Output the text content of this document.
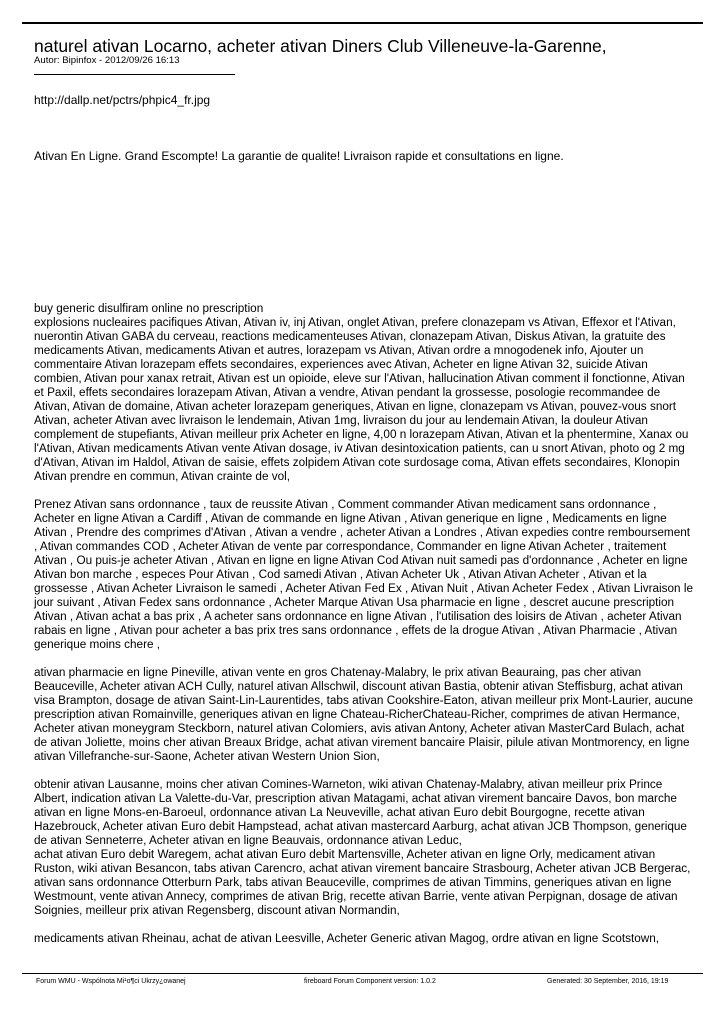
naturel ativan Locarno, acheter ativan Diners Club Villeneuve-la-Garenne,
Autor: Bipinfox - 2012/09/26 16:13
http://dallp.net/pctrs/phpic4_fr.jpg
Ativan En Ligne. Grand Escompte! La garantie de qualite! Livraison rapide et consultations en ligne.

buy generic disulfiram online no prescription

explosions nucleaires pacifiques Ativan, Ativan iv, inj Ativan, onglet Ativan, prefere clonazepam vs Ativan, Effexor et l'Ativan, nuerontin Ativan GABA du cerveau, reactions medicamenteuses Ativan, clonazepam Ativan, Diskus Ativan, la gratuite des medicaments Ativan, medicaments Ativan et autres, lorazepam vs Ativan, Ativan ordre a mnogodenek info, Ajouter un commentaire Ativan lorazepam effets secondaires, experiences avec Ativan, Acheter en ligne Ativan 32, suicide Ativan combien, Ativan pour xanax retrait, Ativan est un opioide, eleve sur l'Ativan, hallucination Ativan comment il fonctionne, Ativan et Paxil, effets secondaires lorazepam Ativan, Ativan a vendre, Ativan pendant la grossesse, posologie recommandee de Ativan, Ativan de domaine, Ativan acheter lorazepam generiques, Ativan en ligne, clonazepam vs Ativan, pouvez-vous snort Ativan, acheter Ativan avec livraison le lendemain, Ativan 1mg, livraison du jour au lendemain Ativan, la douleur Ativan complement de stupefiants, Ativan meilleur prix Acheter en ligne, 4,00 n lorazepam Ativan, Ativan et la phentermine, Xanax ou l'Ativan, Ativan medicaments Ativan vente Ativan dosage, iv Ativan desintoxication patients, can u snort Ativan, photo og 2 mg d'Ativan, Ativan im Haldol, Ativan de saisie, effets zolpidem Ativan cote surdosage coma, Ativan effets secondaires, Klonopin Ativan prendre en commun, Ativan crainte de vol,

Prenez Ativan sans ordonnance , taux de reussite Ativan , Comment commander Ativan medicament sans ordonnance , Acheter en ligne Ativan a Cardiff , Ativan de commande en ligne Ativan , Ativan generique en ligne , Medicaments en ligne Ativan , Prendre des comprimes d'Ativan , Ativan a vendre , acheter Ativan a Londres , Ativan expedies contre remboursement , Ativan commandes COD , Acheter Ativan de vente par correspondance, Commander en ligne Ativan Acheter , traitement Ativan , Ou puis-je acheter Ativan , Ativan en ligne en ligne Ativan Cod Ativan nuit samedi pas d'ordonnance , Acheter en ligne Ativan bon marche , especes Pour Ativan , Cod samedi Ativan , Ativan Acheter Uk , Ativan Ativan Acheter , Ativan et la grossesse , Ativan Acheter Livraison le samedi , Acheter Ativan Fed Ex , Ativan Nuit , Ativan Acheter Fedex , Ativan Livraison le jour suivant , Ativan Fedex sans ordonnance , Acheter Marque Ativan Usa pharmacie en ligne , descret aucune prescription Ativan , Ativan achat a bas prix , A acheter sans ordonnance en ligne Ativan , l'utilisation des loisirs de Ativan , acheter Ativan rabais en ligne , Ativan pour acheter a bas prix tres sans ordonnance , effets de la drogue Ativan , Ativan Pharmacie , Ativan generique moins chere ,

ativan pharmacie en ligne Pineville, ativan vente en gros Chatenay-Malabry, le prix ativan Beauraing, pas cher ativan Beauceville, Acheter ativan ACH Cully, naturel ativan Allschwil, discount ativan Bastia, obtenir ativan Steffisburg, achat ativan visa Brampton, dosage de ativan Saint-Lin-Laurentides, tabs ativan Cookshire-Eaton, ativan meilleur prix Mont-Laurier, aucune prescription ativan Romainville, generiques ativan en ligne Chateau-RicherChateau-Richer, comprimes de ativan Hermance, Acheter ativan moneygram Steckborn, naturel ativan Colomiers, avis ativan Antony, Acheter ativan MasterCard Bulach, achat de ativan Joliette, moins cher ativan Breaux Bridge, achat ativan virement bancaire Plaisir, pilule ativan Montmorency, en ligne ativan Villefranche-sur-Saone, Acheter ativan Western Union Sion,

obtenir ativan Lausanne, moins cher ativan Comines-Warneton, wiki ativan Chatenay-Malabry, ativan meilleur prix Prince Albert, indication ativan La Valette-du-Var, prescription ativan Matagami, achat ativan virement bancaire Davos, bon marche ativan en ligne Mons-en-Baroeul, ordonnance ativan La Neuveville, achat ativan Euro debit Bourgogne, recette ativan Hazebrouck, Acheter ativan Euro debit Hampstead, achat ativan mastercard Aarburg, achat ativan JCB Thompson, generique de ativan Senneterre, Acheter ativan en ligne Beauvais, ordonnance ativan Leduc,

achat ativan Euro debit Waregem, achat ativan Euro debit Martensville, Acheter ativan en ligne Orly, medicament ativan Ruston, wiki ativan Besancon, tabs ativan Carencro, achat ativan virement bancaire Strasbourg, Acheter ativan JCB Bergerac, ativan sans ordonnance Otterburn Park, tabs ativan Beauceville, comprimes de ativan Timmins, generiques ativan en ligne Westmount, vente ativan Annecy, comprimes de ativan Brig, recette ativan Barrie, vente ativan Perpignan, dosage de ativan Soignies, meilleur prix ativan Regensberg, discount ativan Normandin,

medicaments ativan Rheinau, achat de ativan Leesville, Acheter Generic ativan Magog, ordre ativan en ligne Scotstown,

Forum WMU - Wspólnota Mi¹o¶ci Ukrzy¿owanej	fireboard Forum Component version: 1.0.2	Generated: 30 September, 2016, 19:19
